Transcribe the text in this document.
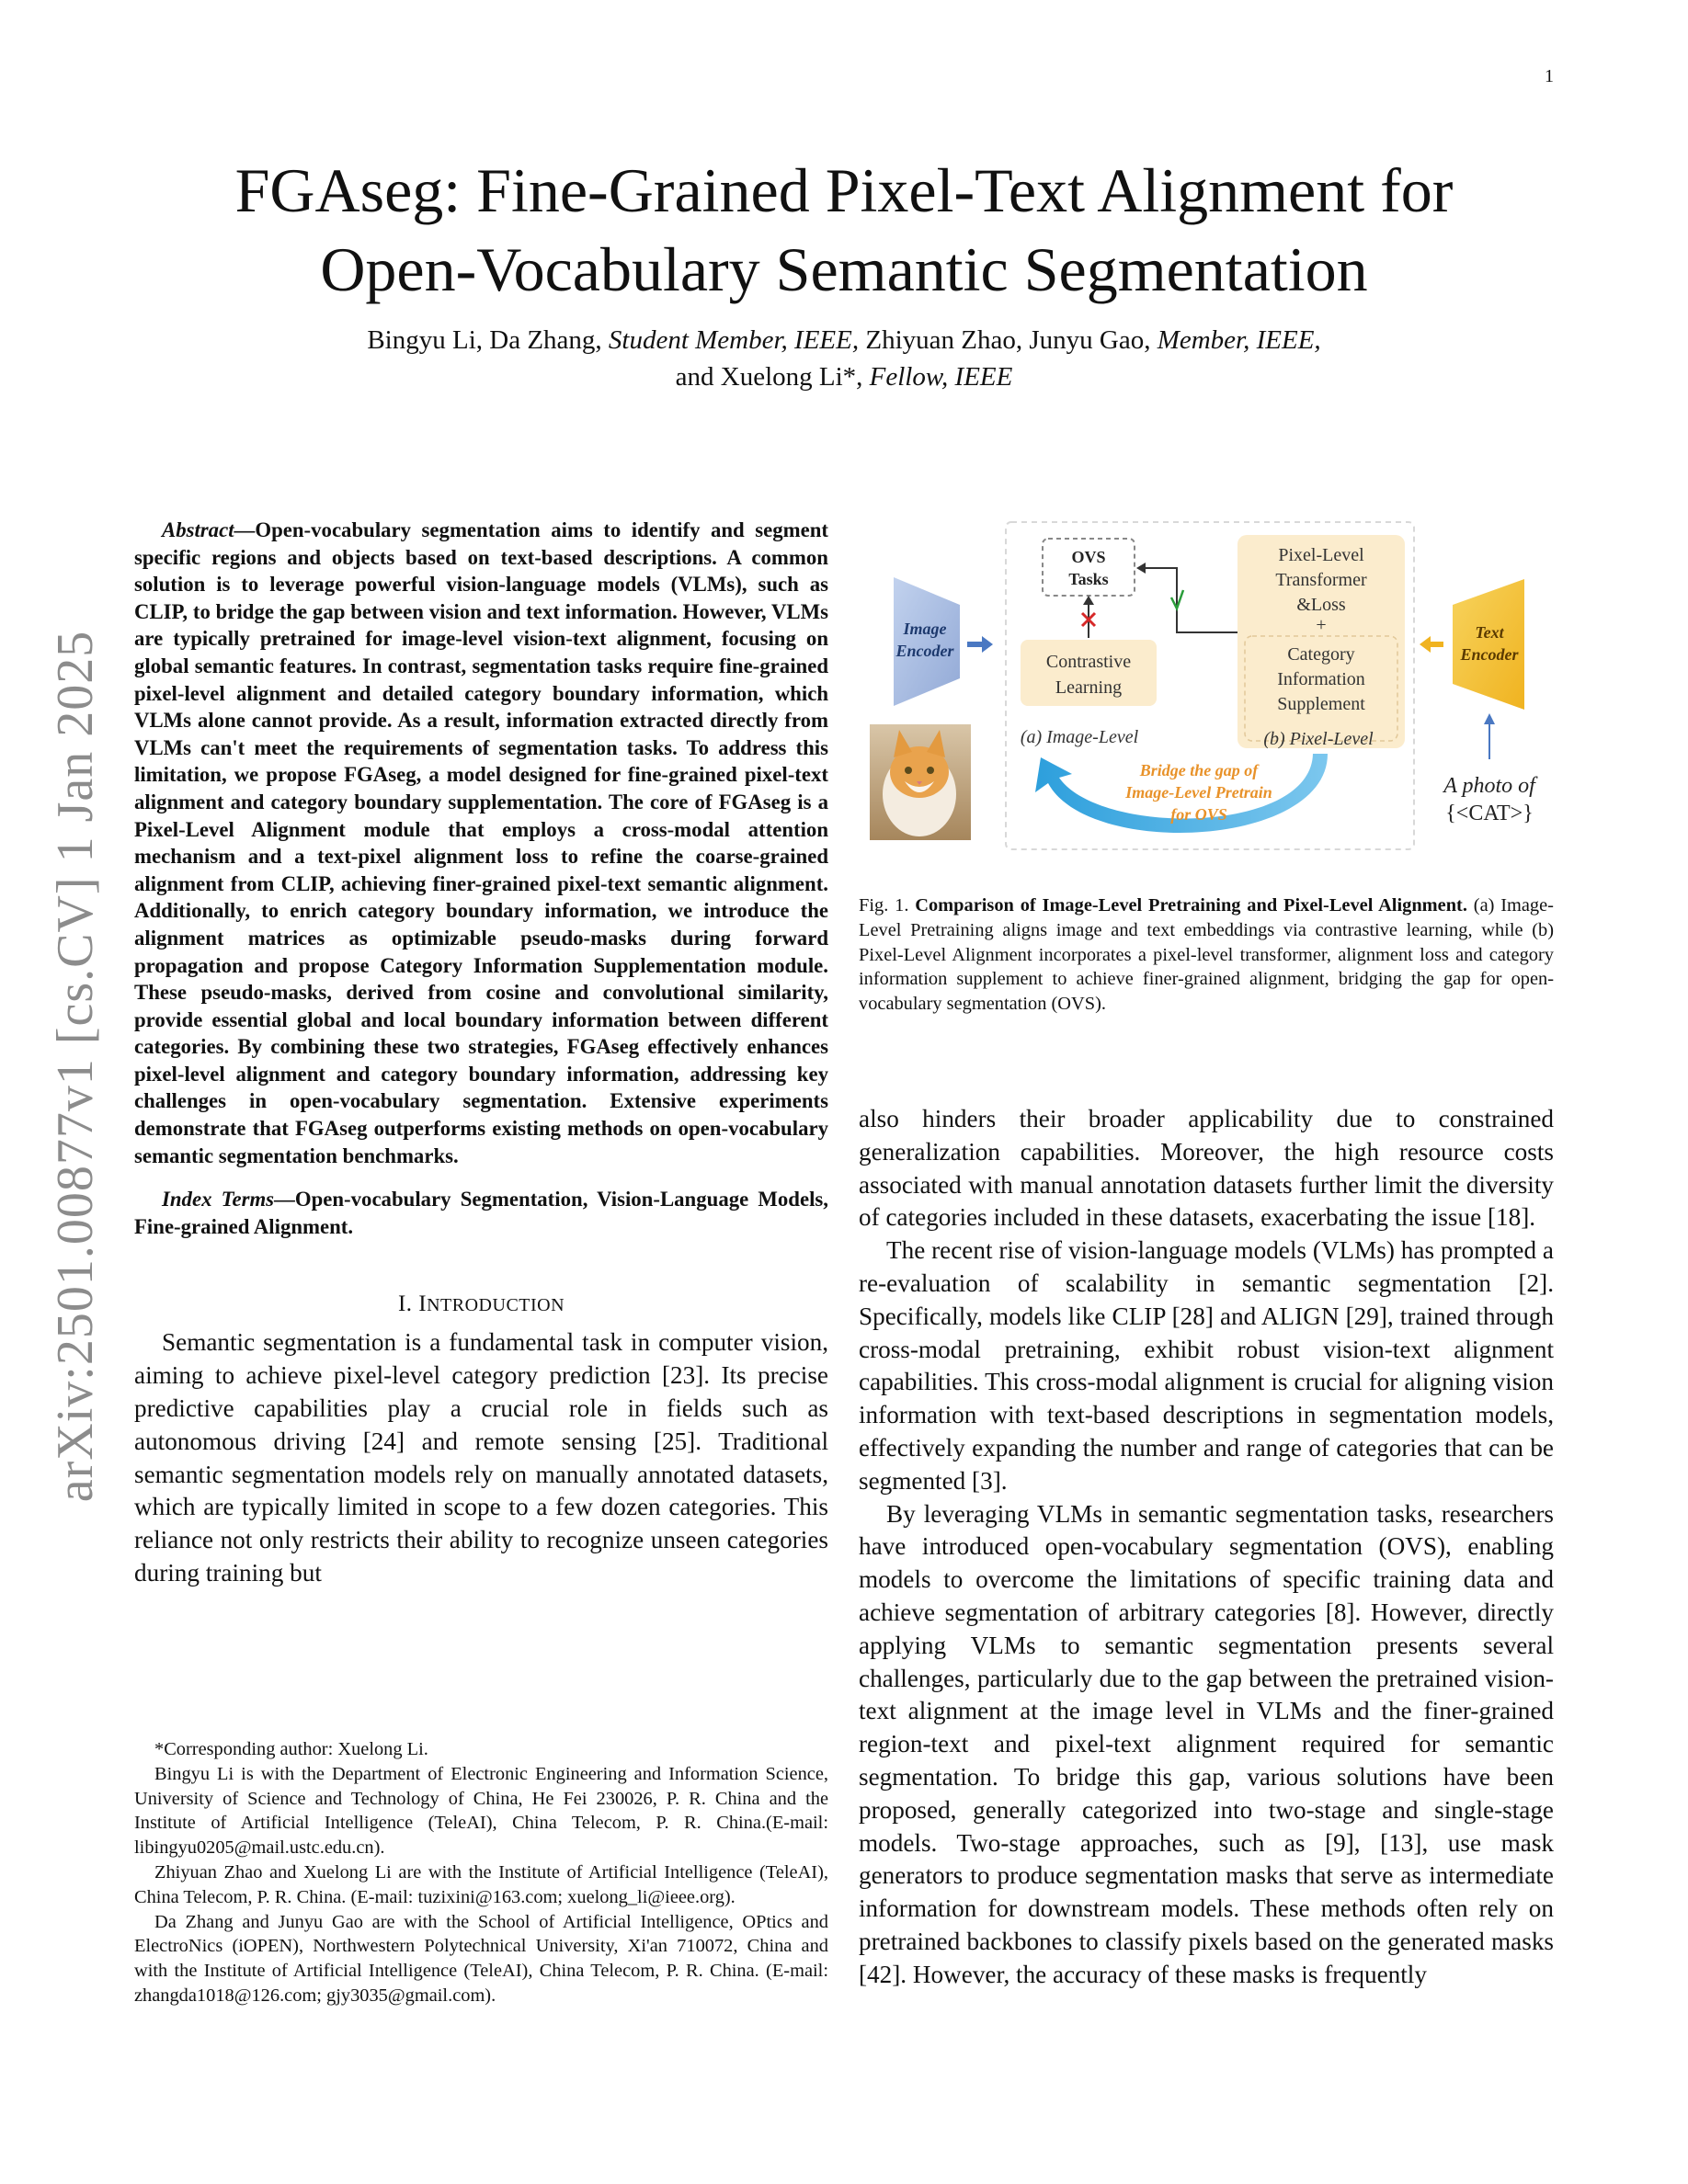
1
arXiv:2501.00877v1 [cs.CV] 1 Jan 2025
FGAseg: Fine-Grained Pixel-Text Alignment for
Open-Vocabulary Semantic Segmentation
Bingyu Li, Da Zhang, Student Member, IEEE, Zhiyuan Zhao, Junyu Gao, Member, IEEE,
and Xuelong Li*, Fellow, IEEE

Abstract—Open-vocabulary segmentation aims to identify and segment specific regions and objects based on text-based descriptions. A common solution is to leverage powerful vision-language models (VLMs), such as CLIP, to bridge the gap between vision and text information. However, VLMs are typically pretrained for image-level vision-text alignment, focusing on global semantic features. In contrast, segmentation tasks require fine-grained pixel-level alignment and detailed category boundary information, which VLMs alone cannot provide. As a result, information extracted directly from VLMs can't meet the requirements of segmentation tasks. To address this limitation, we propose FGAseg, a model designed for fine-grained pixel-text alignment and category boundary supplementation. The core of FGAseg is a Pixel-Level Alignment module that employs a cross-modal attention mechanism and a text-pixel alignment loss to refine the coarse-grained alignment from CLIP, achieving finer-grained pixel-text semantic alignment. Additionally, to enrich category boundary information, we introduce the alignment matrices as optimizable pseudo-masks during forward propagation and propose Category Information Supplementation module. These pseudo-masks, derived from cosine and convolutional similarity, provide essential global and local boundary information between different categories. By combining these two strategies, FGAseg effectively enhances pixel-level alignment and category boundary information, addressing key challenges in open-vocabulary segmentation. Extensive experiments demonstrate that FGAseg outperforms existing methods on open-vocabulary semantic segmentation benchmarks.

Index Terms—Open-vocabulary Segmentation, Vision-Language Models, Fine-grained Alignment.

I. INTRODUCTION

Semantic segmentation is a fundamental task in computer vision, aiming to achieve pixel-level category prediction [23]. Its precise predictive capabilities play a crucial role in fields such as autonomous driving [24] and remote sensing [25]. Traditional semantic segmentation models rely on manually annotated datasets, which are typically limited in scope to a few dozen categories. This reliance not only restricts their ability to recognize unseen categories during training but

*Corresponding author: Xuelong Li.

Bingyu Li is with the Department of Electronic Engineering and Information Science, University of Science and Technology of China, He Fei 230026, P. R. China and the Institute of Artificial Intelligence (TeleAI), China Telecom, P. R. China.(E-mail: libingyu0205@mail.ustc.edu.cn).

Zhiyuan Zhao and Xuelong Li are with the Institute of Artificial Intelligence (TeleAI), China Telecom, P. R. China. (E-mail: tuzixini@163.com; xuelong_li@ieee.org).

Da Zhang and Junyu Gao are with the School of Artificial Intelligence, OPtics and ElectroNics (iOPEN), Northwestern Polytechnical University, Xi'an 710072, China and with the Institute of Artificial Intelligence (TeleAI), China Telecom, P. R. China. (E-mail: zhangda1018@126.com; gjy3035@gmail.com).

Image
Encoder
OVS
Tasks
Contrastive
Learning
Pixel-Level
Transformer
&Loss
+
Category
Information
Supplement
Text
Encoder
A photo of
{<CAT>}
(a) Image-Level	(b) Pixel-Level
Bridge the gap of
Image-Level Pretrain
for OVS
Fig. 1. Comparison of Image-Level Pretraining and Pixel-Level Alignment. (a) Image-Level Pretraining aligns image and text embeddings via contrastive learning, while (b) Pixel-Level Alignment incorporates a pixel-level transformer, alignment loss and category information supplement to achieve finer-grained alignment, bridging the gap for open-vocabulary segmentation (OVS).

also hinders their broader applicability due to constrained generalization capabilities. Moreover, the high resource costs associated with manual annotation datasets further limit the diversity of categories included in these datasets, exacerbating the issue [18].

The recent rise of vision-language models (VLMs) has prompted a re-evaluation of scalability in semantic segmentation [2]. Specifically, models like CLIP [28] and ALIGN [29], trained through cross-modal pretraining, exhibit robust vision-text alignment capabilities. This cross-modal alignment is crucial for aligning vision information with text-based descriptions in segmentation models, effectively expanding the number and range of categories that can be segmented [3].

By leveraging VLMs in semantic segmentation tasks, researchers have introduced open-vocabulary segmentation (OVS), enabling models to overcome the limitations of specific training data and achieve segmentation of arbitrary categories [8]. However, directly applying VLMs to semantic segmentation presents several challenges, particularly due to the gap between the pretrained vision-text alignment at the image level in VLMs and the finer-grained region-text and pixel-text alignment required for semantic segmentation. To bridge this gap, various solutions have been proposed, generally categorized into two-stage and single-stage models. Two-stage approaches, such as [9], [13], use mask generators to produce segmentation masks that serve as intermediate information for downstream models. These methods often rely on pretrained backbones to classify pixels based on the generated masks [42]. However, the accuracy of these masks is frequently
